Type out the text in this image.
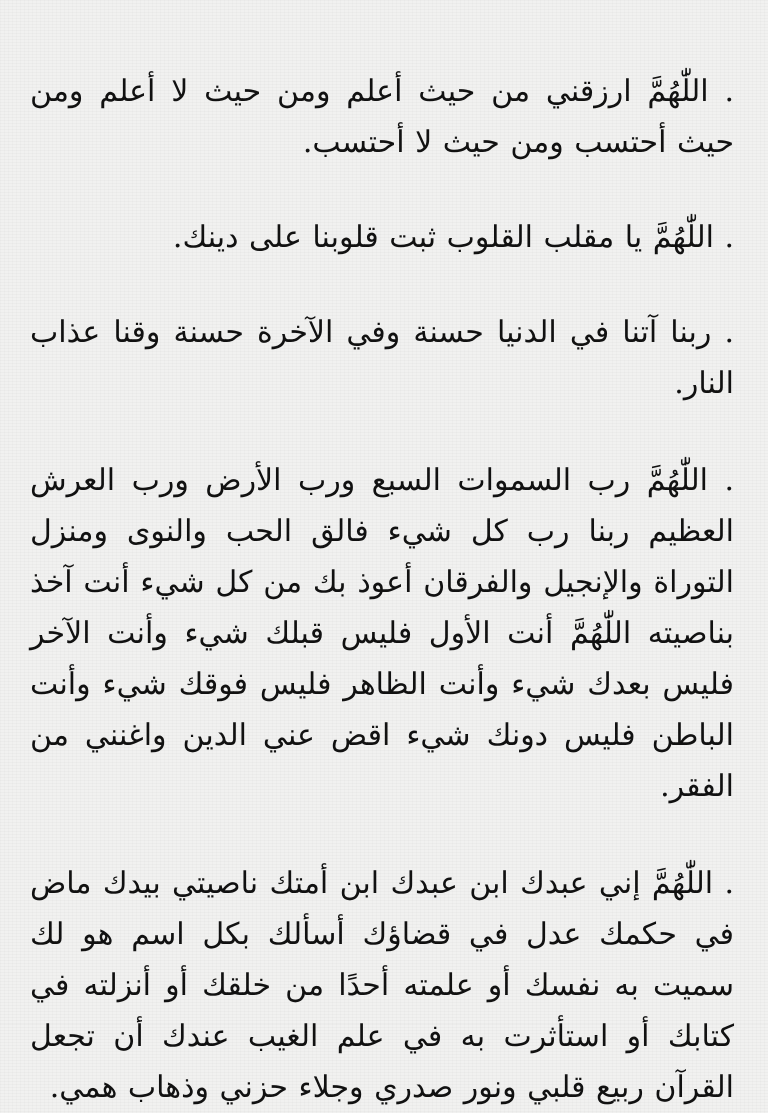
. اللّٰهُمَّ ارزقني من حيث أعلم ومن حيث لا أعلم ومن حيث أحتسب ومن حيث لا أحتسب.

. اللّٰهُمَّ يا مقلب القلوب ثبت قلوبنا على دينك.

. ربنا آتنا في الدنيا حسنة وفي الآخرة حسنة وقنا عذاب النار.

. اللّٰهُمَّ رب السموات السبع ورب الأرض ورب العرش العظيم ربنا رب كل شيء فالق الحب والنوى ومنزل التوراة والإنجيل والفرقان أعوذ بك من كل شيء أنت آخذ بناصيته اللّٰهُمَّ أنت الأول فليس قبلك شيء وأنت الآخر فليس بعدك شيء وأنت الظاهر فليس فوقك شيء وأنت الباطن فليس دونك شيء اقض عني الدين واغنني من الفقر.

. اللّٰهُمَّ إني عبدك ابن عبدك ابن أمتك ناصيتي بيدك ماض في حكمك عدل في قضاؤك أسألك بكل اسم هو لك سميت به نفسك أو علمته أحدًا من خلقك أو أنزلته في كتابك أو استأثرت به في علم الغيب عندك أن تجعل القرآن ربيع قلبي ونور صدري وجلاء حزني وذهاب همي.
